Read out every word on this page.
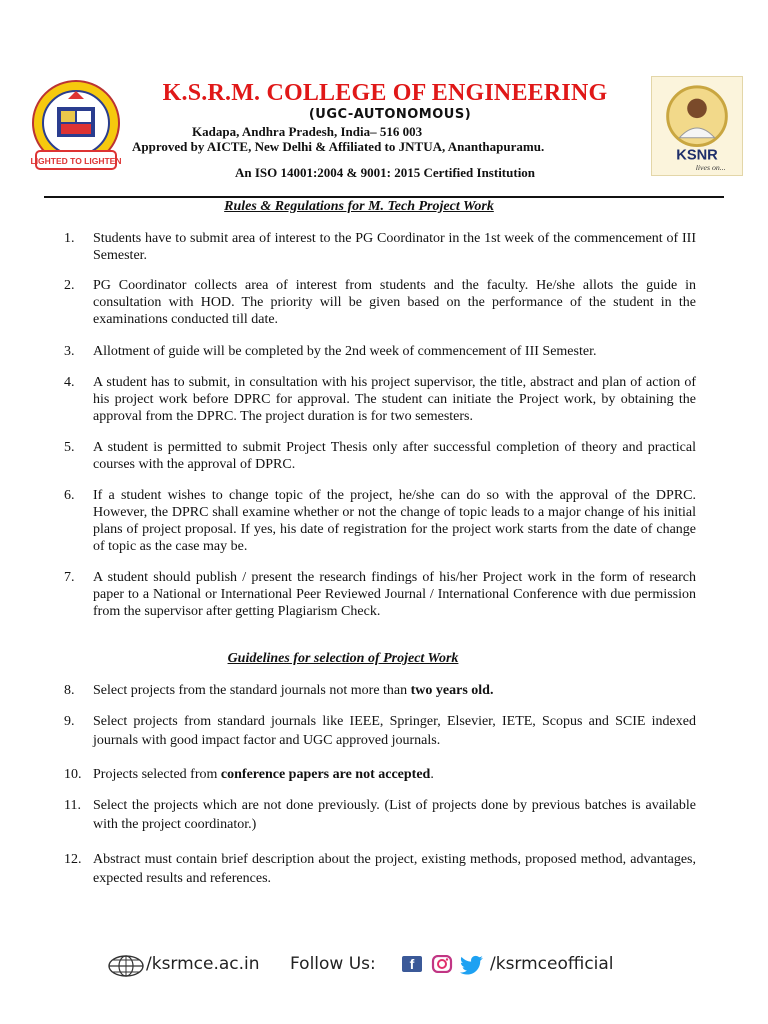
LIGHTED TO LIGHTEN
K.S.R.M. COLLEGE OF ENGINEERING
(UGC-AUTONOMOUS)
Kadapa, Andhra Pradesh, India– 516 003
Approved by AICTE, New Delhi & Affiliated to JNTUA, Ananthapuramu.
An ISO 14001:2004 & 9001: 2015 Certified Institution
KSNR
lives on...
Rules & Regulations for M. Tech Project Work
1.	Students have to submit area of interest to the PG Coordinator in the 1st week of the commencement of III Semester.
2.	PG Coordinator collects area of interest from students and the faculty. He/she allots the guide in consultation with HOD. The priority will be given based on the performance of the student in the examinations conducted till date.
3.	Allotment of guide will be completed by the 2nd week of commencement of III Semester.
4.	A student has to submit, in consultation with his project supervisor, the title, abstract and plan of action of his project work before DPRC for approval. The student can initiate the Project work, by obtaining the approval from the DPRC. The project duration is for two semesters.
5.	A student is permitted to submit Project Thesis only after successful completion of theory and practical courses with the approval of DPRC.
6.	If a student wishes to change topic of the project, he/she can do so with the approval of the DPRC. However, the DPRC shall examine whether or not the change of topic leads to a major change of his initial plans of project proposal. If yes, his date of registration for the project work starts from the date of change of topic as the case may be.
7.	A student should publish / present the research findings of his/her Project work in the form of research paper to a National or International Peer Reviewed Journal / International Conference with due permission from the supervisor after getting Plagiarism Check.
Guidelines for selection of Project Work
8.	Select projects from the standard journals not more than two years old.
9.	Select projects from standard journals like IEEE, Springer, Elsevier, IETE, Scopus and SCIE indexed journals with good impact factor and UGC approved journals.
10. Projects selected from conference papers are not accepted.
11. Select the projects which are not done previously. (List of projects done by previous batches is available with the project coordinator.)
12. Abstract must contain brief description about the project, existing methods, proposed method, advantages, expected results and references.
/ksrmce.ac.in Follow Us:	f	/ksrmceofficial
